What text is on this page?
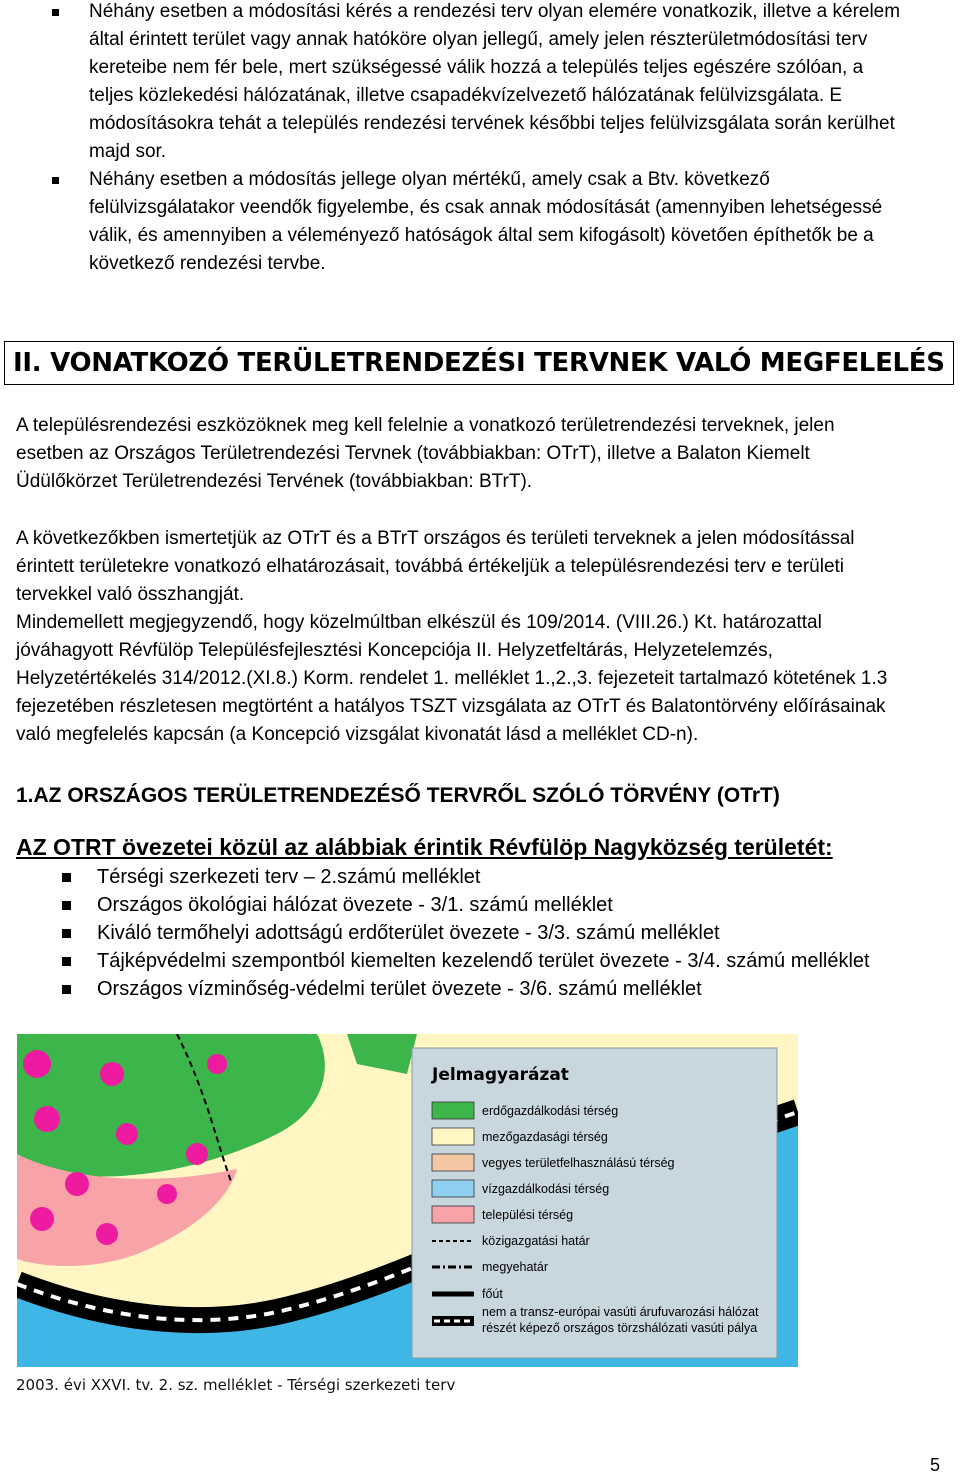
Néhány esetben a módosítási kérés a rendezési terv olyan elemére vonatkozik, illetve a kérelem
által érintett terület vagy annak hatóköre olyan jellegű, amely jelen részterületmódosítási terv
kereteibe nem fér bele, mert szükségessé válik hozzá a település teljes egészére szólóan, a
teljes közlekedési hálózatának, illetve csapadékvízelvezető hálózatának felülvizsgálata. E
módosításokra tehát a település rendezési tervének későbbi teljes felülvizsgálata során kerülhet
majd sor.
Néhány esetben a módosítás jellege olyan mértékű, amely csak a Btv. következő
felülvizsgálatakor veendők figyelembe, és csak annak módosítását (amennyiben lehetségessé
válik, és amennyiben a véleményező hatóságok által sem kifogásolt) követően építhetők be a
következő rendezési tervbe.
II. VONATKOZÓ TERÜLETRENDEZÉSI TERVNEK VALÓ MEGFELELÉS
A településrendezési eszközöknek meg kell felelnie a vonatkozó területrendezési terveknek, jelen
esetben az Országos Területrendezési Tervnek (továbbiakban: OTrT), illetve a Balaton Kiemelt
Üdülőkörzet Területrendezési Tervének (továbbiakban: BTrT).
A következőkben ismertetjük az OTrT és a BTrT országos és területi terveknek a jelen módosítással
érintett területekre vonatkozó elhatározásait, továbbá értékeljük a településrendezési terv e területi
tervekkel való összhangját.
Mindemellett megjegyzendő, hogy közelmúltban elkészül és 109/2014. (VIII.26.) Kt. határozattal
jóváhagyott Révfülöp Településfejlesztési Koncepciója II. Helyzetfeltárás, Helyzetelemzés,
Helyzetértékelés 314/2012.(XI.8.) Korm. rendelet 1. melléklet 1.,2.,3. fejezeteit tartalmazó kötetének 1.3
fejezetében részletesen megtörtént a hatályos TSZT vizsgálata az OTrT és Balatontörvény előírásainak
való megfelelés kapcsán (a Koncepció vizsgálat kivonatát lásd a melléklet CD-n).
1.AZ ORSZÁGOS TERÜLETRENDEZÉSŐ TERVRŐL SZÓLÓ TÖRVÉNY (OTrT)
AZ OTRT övezetei közül az alábbiak érintik Révfülöp Nagyközség területét:
Térségi szerkezeti terv – 2.számú melléklet
Országos ökológiai hálózat övezete - 3/1. számú melléklet
Kiváló termőhelyi adottságú erdőterület övezete - 3/3. számú melléklet
Tájképvédelmi szempontból kiemelten kezelendő terület övezete - 3/4. számú melléklet
Országos vízminőség-védelmi terület övezete - 3/6. számú melléklet
Jelmagyarázat
erdőgazdálkodási térség
mezőgazdasági térség
vegyes területfelhasználású térség
vízgazdálkodási térség
települési térség
közigazgatási határ
megyehatár
főút
nem a transz-európai vasúti árufuvarozási hálózat
részét képező országos törzshálózati vasúti pálya
2003. évi XXVI. tv. 2. sz. melléklet - Térségi szerkezeti terv
5
